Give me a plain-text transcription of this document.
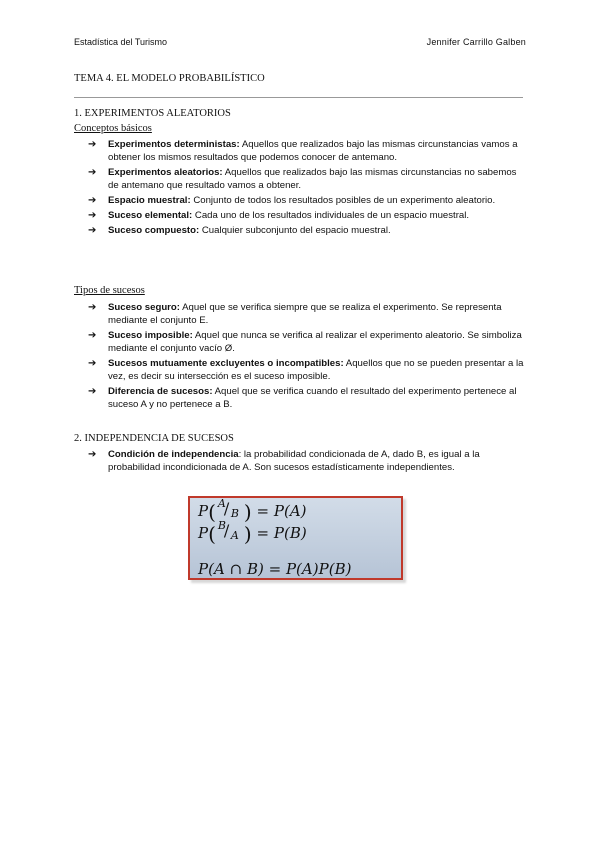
Estadística del Turismo	Jennifer Carrillo Galben
TEMA 4. EL MODELO PROBABILÍSTICO
1. EXPERIMENTOS ALEATORIOS
Conceptos básicos
➔ Experimentos deterministas: Aquellos que realizados bajo las mismas circunstancias vamos a obtener los mismos resultados que podemos conocer de antemano.
➔ Experimentos aleatorios: Aquellos que realizados bajo las mismas circunstancias no sabemos de antemano que resultado vamos a obtener.
➔ Espacio muestral: Conjunto de todos los resultados posibles de un experimento aleatorio.
➔ Suceso elemental: Cada uno de los resultados individuales de un espacio muestral.
➔ Suceso compuesto: Cualquier subconjunto del espacio muestral.
Tipos de sucesos
➔ Suceso seguro: Aquel que se verifica siempre que se realiza el experimento. Se representa mediante el conjunto E.
➔ Suceso imposible: Aquel que nunca se verifica al realizar el experimento aleatorio. Se simboliza mediante el conjunto vacío Ø.
➔ Sucesos mutuamente excluyentes o incompatibles: Aquellos que no se pueden presentar a la vez, es decir su intersección es el suceso imposible.
➔ Diferencia de sucesos: Aquel que se verifica cuando el resultado del experimento pertenece al suceso A y no pertenece a B.
2. INDEPENDENCIA DE SUCESOS
➔ Condición de independencia: la probabilidad condicionada de A, dado B, es igual a la probabilidad incondicionada de A. Son sucesos estadísticamente independientes.
P( A
/ B ) = P(A)
P( B
/ A ) = P(B)
P(A ∩ B) = P(A)P(B)
